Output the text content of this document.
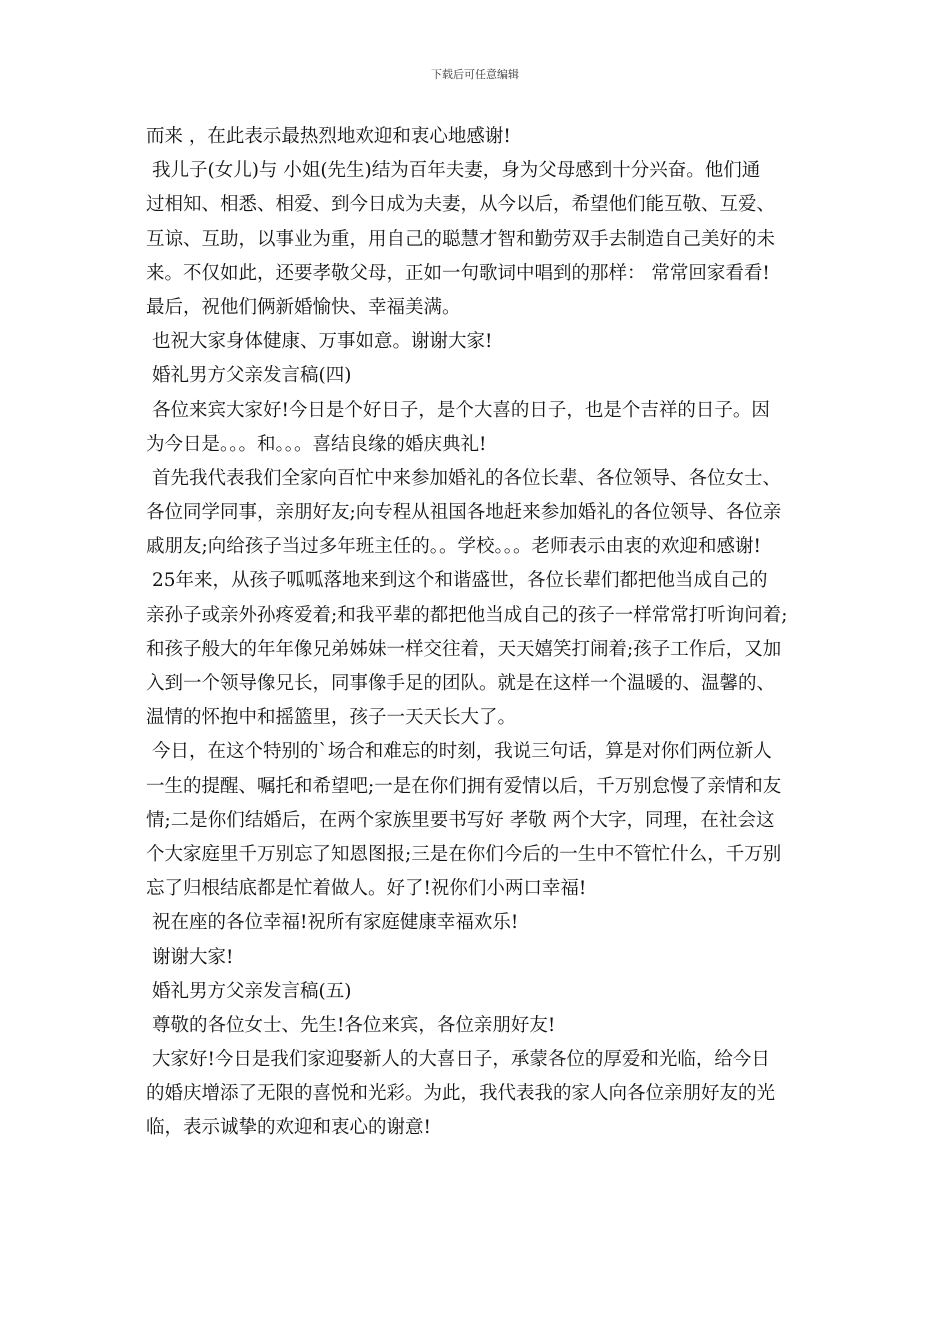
下载后可任意编辑
而来 ，在此表示最热烈地欢迎和衷心地感谢!
我儿子(女儿)与 小姐(先生)结为百年夫妻，身为父母感到十分兴奋。他们通
过相知、相悉、相爱、到今日成为夫妻，从今以后，希望他们能互敬、互爱、
互谅、互助，以事业为重，用自己的聪慧才智和勤劳双手去制造自己美好的未
来。不仅如此，还要孝敬父母，正如一句歌词中唱到的那样： 常常回家看看!
最后，祝他们俩新婚愉快、幸福美满。
也祝大家身体健康、万事如意。谢谢大家!
婚礼男方父亲发言稿(四)
各位来宾大家好!今日是个好日子，是个大喜的日子，也是个吉祥的日子。因
为今日是。。。和。。。喜结良缘的婚庆典礼!
首先我代表我们全家向百忙中来参加婚礼的各位长辈、各位领导、各位女士、
各位同学同事，亲朋好友;向专程从祖国各地赶来参加婚礼的各位领导、各位亲
戚朋友;向给孩子当过多年班主任的。。学校。。。老师表示由衷的欢迎和感谢!
25年来，从孩子呱呱落地来到这个和谐盛世，各位长辈们都把他当成自己的
亲孙子或亲外孙疼爱着;和我平辈的都把他当成自己的孩子一样常常打听询问着;
和孩子般大的年年像兄弟姊妹一样交往着，天天嬉笑打闹着;孩子工作后，又加
入到一个领导像兄长，同事像手足的团队。就是在这样一个温暖的、温馨的、
温情的怀抱中和摇篮里，孩子一天天长大了。
今日，在这个特别的`场合和难忘的时刻，我说三句话，算是对你们两位新人
一生的提醒、嘱托和希望吧;一是在你们拥有爱情以后，千万别怠慢了亲情和友
情;二是你们结婚后，在两个家族里要书写好 孝敬 两个大字，同理，在社会这
个大家庭里千万别忘了知恩图报;三是在你们今后的一生中不管忙什么，千万别
忘了归根结底都是忙着做人。好了!祝你们小两口幸福!
祝在座的各位幸福!祝所有家庭健康幸福欢乐!
谢谢大家!
婚礼男方父亲发言稿(五)
尊敬的各位女士、先生!各位来宾，各位亲朋好友!
大家好!今日是我们家迎娶新人的大喜日子，承蒙各位的厚爱和光临，给今日
的婚庆增添了无限的喜悦和光彩。为此，我代表我的家人向各位亲朋好友的光
临，表示诚挚的欢迎和衷心的谢意!
